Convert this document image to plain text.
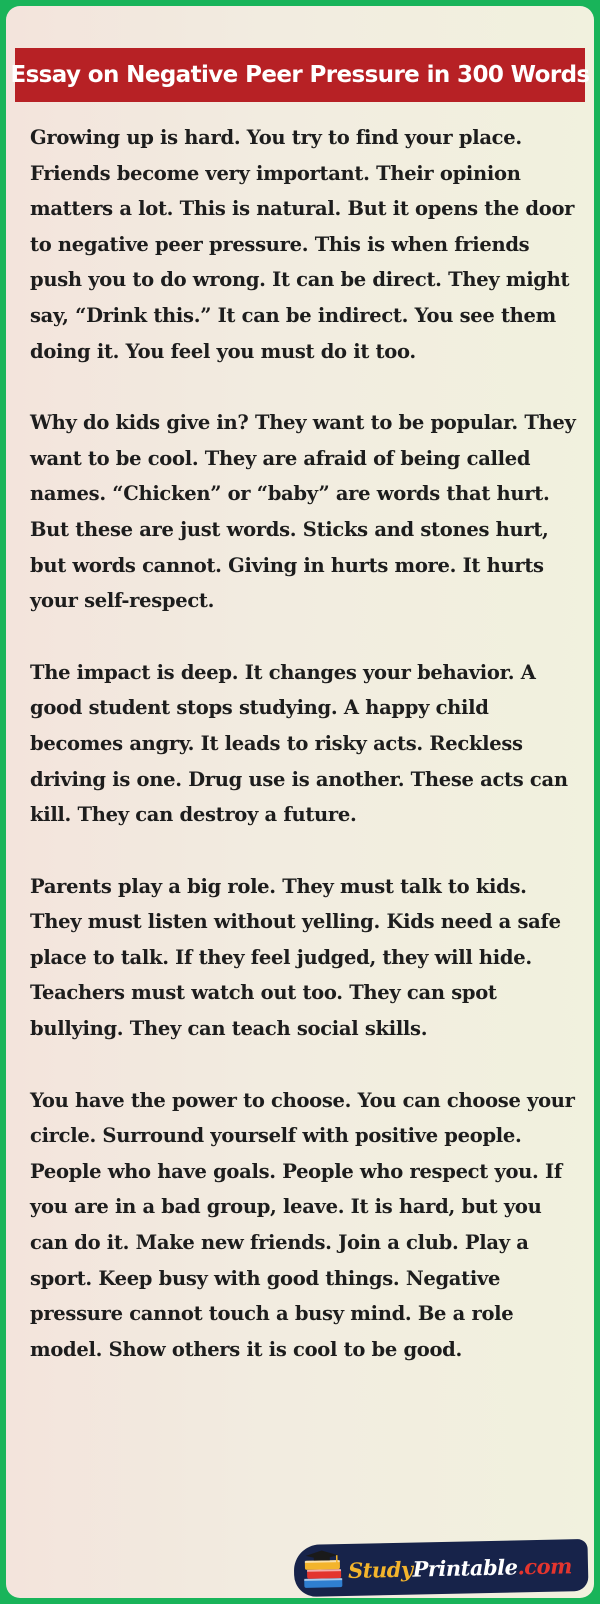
Essay on Negative Peer Pressure in 300 Words

Growing up is hard. You try to find your place. Friends become very important. Their opinion matters a lot. This is natural. But it opens the door to negative peer pressure. This is when friends push you to do wrong. It can be direct. They might say, “Drink this.” It can be indirect. You see them doing it. You feel you must do it too.

Why do kids give in? They want to be popular. They want to be cool. They are afraid of being called names. “Chicken” or “baby” are words that hurt. But these are just words. Sticks and stones hurt, but words cannot. Giving in hurts more. It hurts your self-respect.

The impact is deep. It changes your behavior. A good student stops studying. A happy child becomes angry. It leads to risky acts. Reckless driving is one. Drug use is another. These acts can kill. They can destroy a future.

Parents play a big role. They must talk to kids. They must listen without yelling. Kids need a safe place to talk. If they feel judged, they will hide. Teachers must watch out too. They can spot bullying. They can teach social skills.

You have the power to choose. You can choose your circle. Surround yourself with positive people. People who have goals. People who respect you. If you are in a bad group, leave. It is hard, but you can do it. Make new friends. Join a club. Play a sport. Keep busy with good things. Negative pressure cannot touch a busy mind. Be a role model. Show others it is cool to be good.

StudyPrintable.com
